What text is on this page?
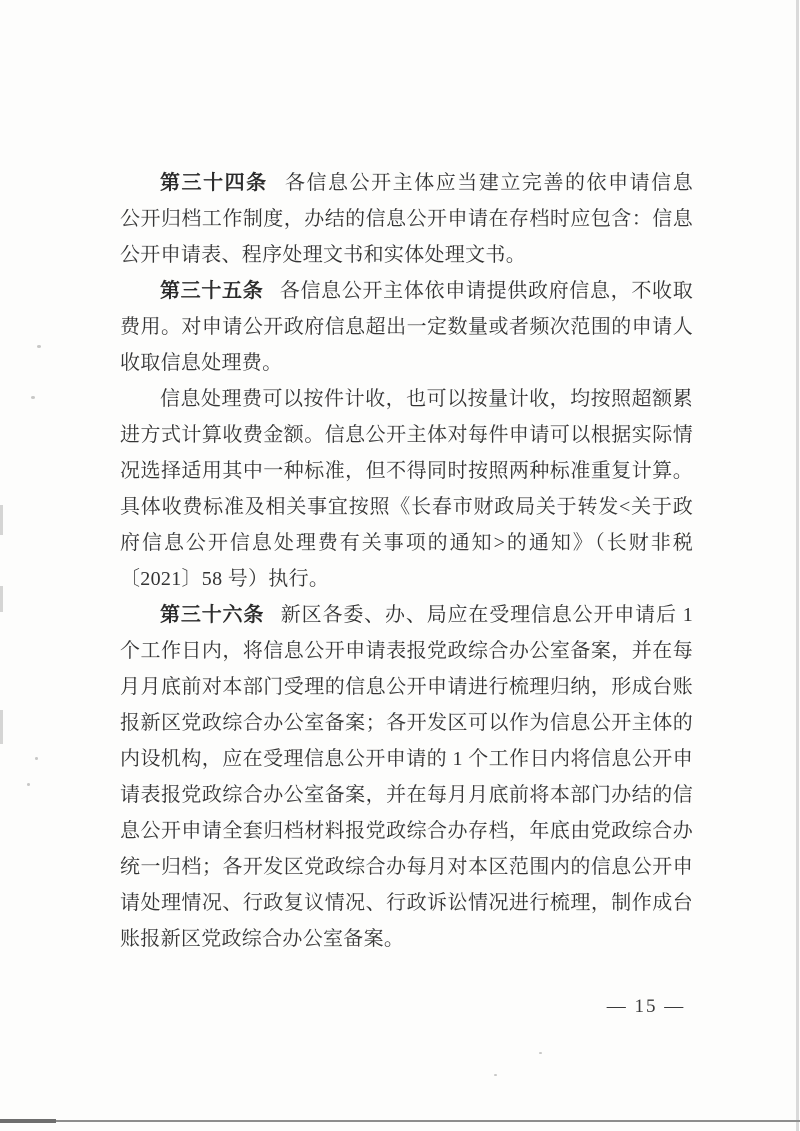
第三十四条 各信息公开主体应当建立完善的依申请信息
公开归档工作制度，办结的信息公开申请在存档时应包含：信息
公开申请表、程序处理文书和实体处理文书。
第三十五条 各信息公开主体依申请提供政府信息，不收取
费用。对申请公开政府信息超出一定数量或者频次范围的申请人
收取信息处理费。
信息处理费可以按件计收，也可以按量计收，均按照超额累
进方式计算收费金额。信息公开主体对每件申请可以根据实际情
况选择适用其中一种标准，但不得同时按照两种标准重复计算。
具体收费标准及相关事宜按照《长春市财政局关于转发<关于政
府信息公开信息处理费有关事项的通知>的通知》（长财非税
〔2021〕58 号）执行。
第三十六条 新区各委、办、局应在受理信息公开申请后 1
个工作日内，将信息公开申请表报党政综合办公室备案，并在每
月月底前对本部门受理的信息公开申请进行梳理归纳，形成台账
报新区党政综合办公室备案；各开发区可以作为信息公开主体的
内设机构，应在受理信息公开申请的 1 个工作日内将信息公开申
请表报党政综合办公室备案，并在每月月底前将本部门办结的信
息公开申请全套归档材料报党政综合办存档，年底由党政综合办
统一归档；各开发区党政综合办每月对本区范围内的信息公开申
请处理情况、行政复议情况、行政诉讼情况进行梳理，制作成台
账报新区党政综合办公室备案。
— 15 —
